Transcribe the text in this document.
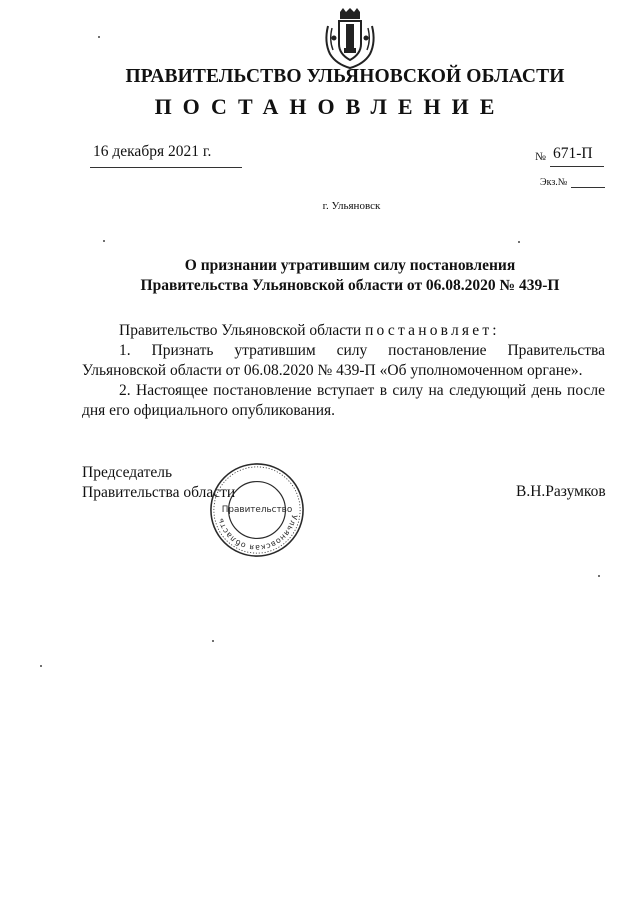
ПРАВИТЕЛЬСТВО УЛЬЯНОВСКОЙ ОБЛАСТИ
ПОСТАНОВЛЕНИЕ
16 декабря 2021 г.	№ 671-П
Экз.№
г. Ульяновск
О признании утратившим силу постановления
Правительства Ульяновской области от 06.08.2020 № 439-П

Правительство Ульяновской области постановляет:

1. Признать утратившим силу постановление Правительства Ульяновской области от 06.08.2020 № 439-П «Об уполномоченном органе».

2. Настоящее постановление вступает в силу на следующий день после дня его официального опубликования.

Председатель
Правительства области	В.Н.Разумков
Ульяновская область
Правительство
